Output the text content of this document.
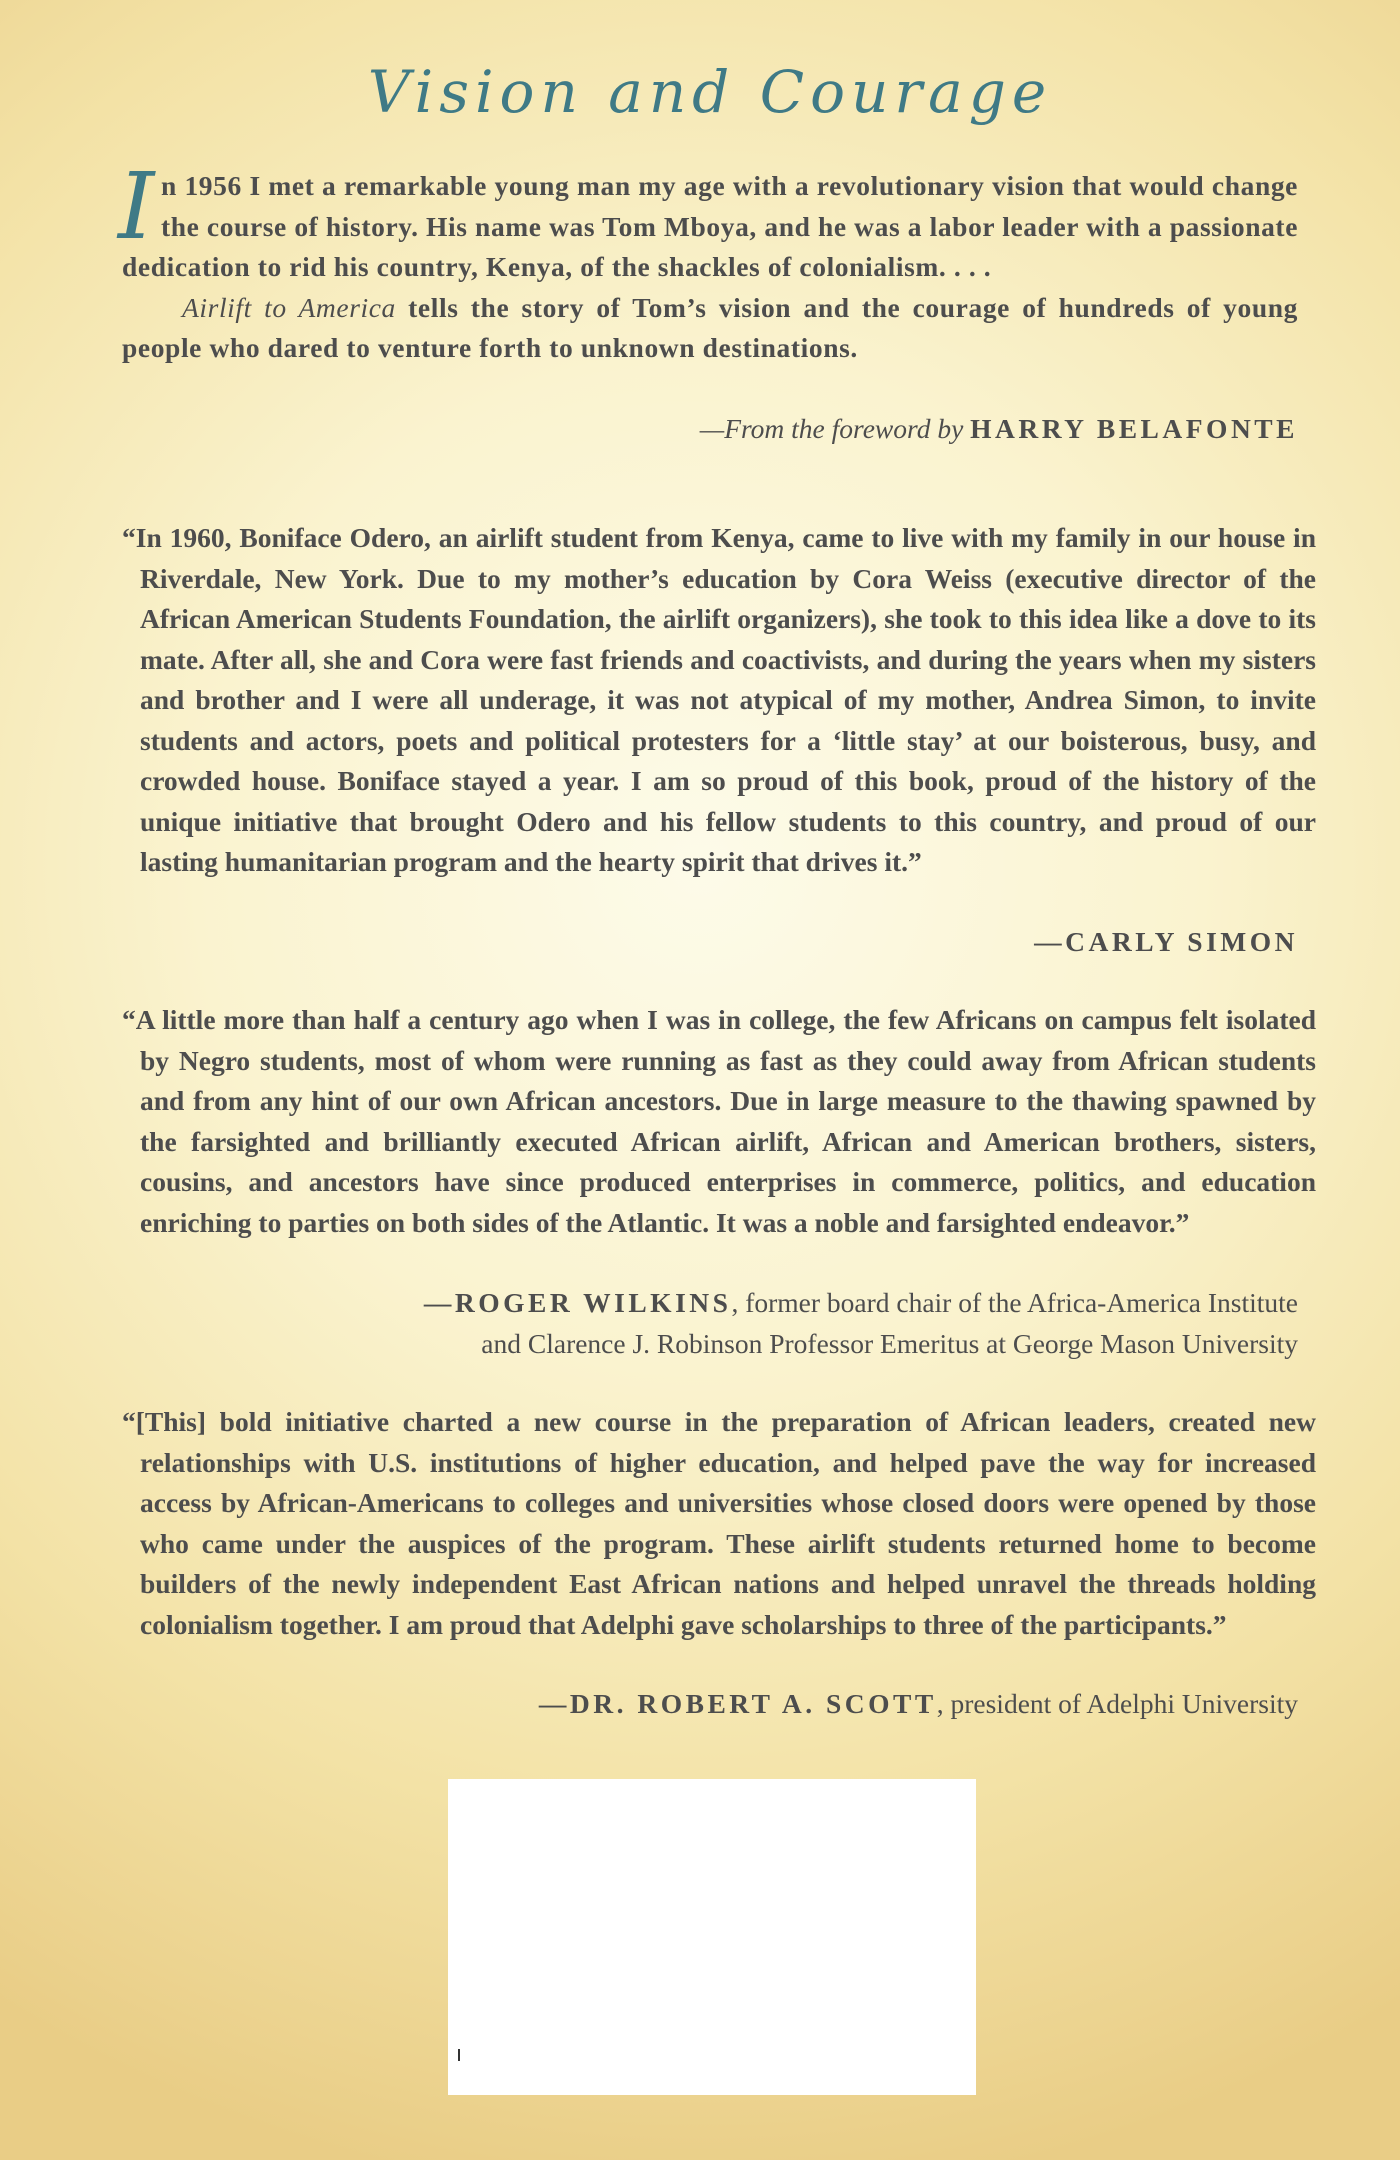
Vision and Courage
In 1956 I met a remarkable young man my age with a revolutionary vision that would change the course of history. His name was Tom Mboya, and he was a labor leader with a passionate dedication to rid his country, Kenya, of the shackles of colonialism. . . .
Airlift to America tells the story of Tom’s vision and the courage of hundreds of young people who dared to venture forth to unknown destinations.
—From the foreword by HARRY BELAFONTE
“In 1960, Boniface Odero, an airlift student from Kenya, came to live with my family in our house in Riverdale, New York. Due to my mother’s education by Cora Weiss (executive director of the African American Students Foundation, the airlift organizers), she took to this idea like a dove to its mate. After all, she and Cora were fast friends and coactivists, and during the years when my sisters and brother and I were all underage, it was not atypical of my mother, Andrea Simon, to invite students and actors, poets and political protesters for a ‘little stay’ at our boisterous, busy, and crowded house. Boniface stayed a year. I am so proud of this book, proud of the history of the unique initiative that brought Odero and his fellow students to this country, and proud of our lasting humanitarian program and the hearty spirit that drives it.”
—CARLY SIMON
“A little more than half a century ago when I was in college, the few Africans on campus felt isolated by Negro students, most of whom were running as fast as they could away from African students and from any hint of our own African ancestors. Due in large measure to the thawing spawned by the farsighted and brilliantly executed African airlift, African and American brothers, sisters, cousins, and ancestors have since produced enterprises in commerce, politics, and education enriching to parties on both sides of the Atlantic. It was a noble and farsighted endeavor.”
—ROGER WILKINS, former board chair of the Africa-America Institute
and Clarence J. Robinson Professor Emeritus at George Mason University
“[This] bold initiative charted a new course in the preparation of African leaders, created new relationships with U.S. institutions of higher education, and helped pave the way for increased access by African-Americans to colleges and universities whose closed doors were opened by those who came under the auspices of the program. These airlift students returned home to become builders of the newly independent East African nations and helped unravel the threads holding colonialism together. I am proud that Adelphi gave scholarships to three of the participants.”
—DR. ROBERT A. SCOTT, president of Adelphi University
